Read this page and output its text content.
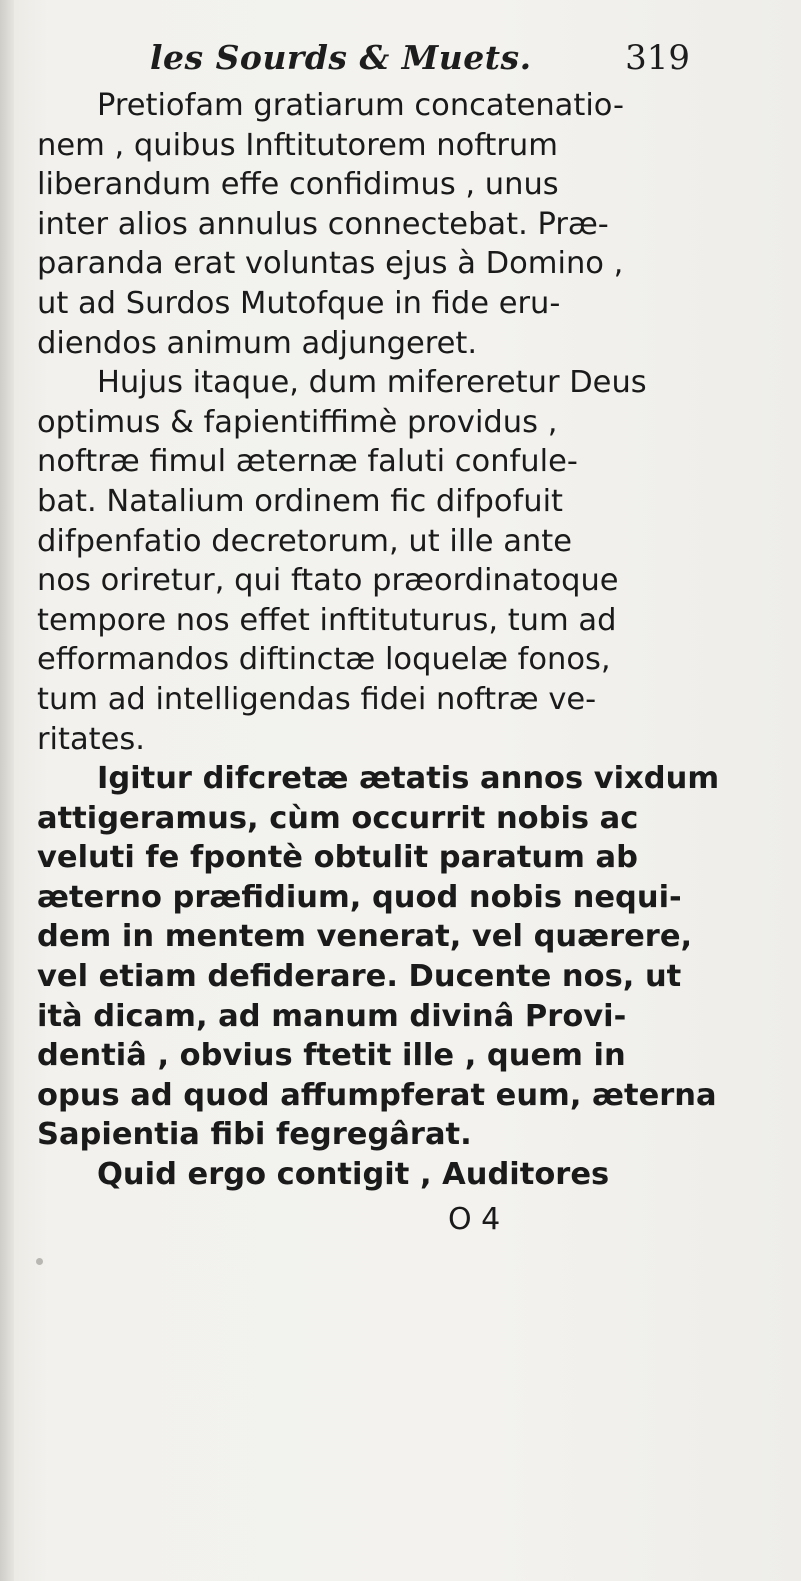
les Sourds & Muets.	319
Pretiofam gratiarum concatenatio-
nem , quibus Inftitutorem noftrum
liberandum effe confidimus , unus
inter alios annulus connectebat. Præ-
paranda erat voluntas ejus à Domino ,
ut ad Surdos Mutofque in fide eru-
diendos animum adjungeret.
Hujus itaque, dum mifereretur Deus
optimus & fapientiffimè providus ,
noftræ fimul æternæ faluti confule-
bat. Natalium ordinem fic difpofuit
difpenfatio decretorum, ut ille ante
nos oriretur, qui ftato præordinatoque
tempore nos effet inftituturus, tum ad
efformandos diftinctæ loquelæ fonos,
tum ad intelligendas fidei noftræ ve-
ritates.
Igitur difcretæ ætatis annos vixdum
attigeramus, cùm occurrit nobis ac
veluti fe fpontè obtulit paratum ab
æterno præfidium, quod nobis nequi-
dem in mentem venerat, vel quærere,
vel etiam defiderare. Ducente nos, ut
ità dicam, ad manum divinâ Provi-
dentiâ , obvius ftetit ille , quem in
opus ad quod affumpferat eum, æterna
Sapientia fibi fegregârat.
Quid ergo contigit , Auditores
O 4
